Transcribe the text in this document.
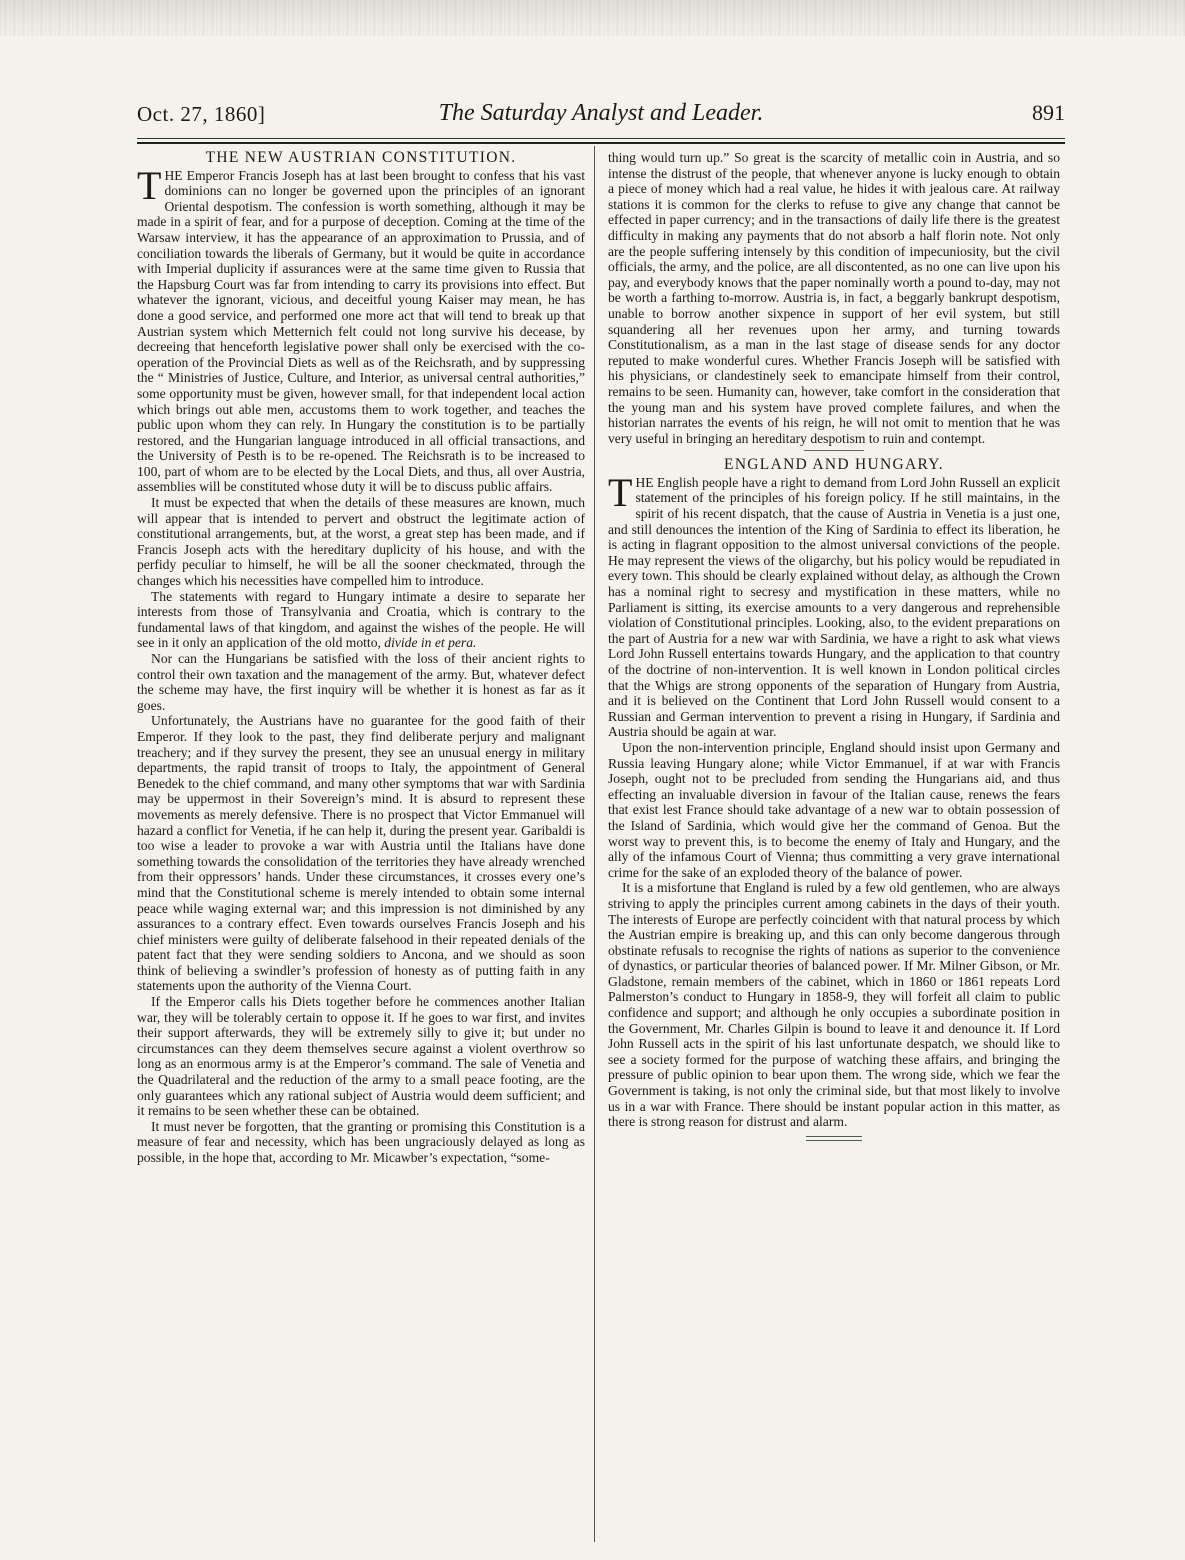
Oct. 27, 1860]	The Saturday Analyst and Leader.	891
THE NEW AUSTRIAN CONSTITUTION.

THE Emperor Francis Joseph has at last been brought to confess that his vast dominions can no longer be governed upon the principles of an ignorant Oriental despotism. The confession is worth something, although it may be made in a spirit of fear, and for a purpose of deception. Coming at the time of the Warsaw interview, it has the appearance of an approximation to Prussia, and of conciliation towards the liberals of Germany, but it would be quite in accordance with Imperial duplicity if assurances were at the same time given to Russia that the Hapsburg Court was far from intending to carry its provisions into effect. But whatever the ignorant, vicious, and deceitful young Kaiser may mean, he has done a good service, and performed one more act that will tend to break up that Austrian system which Metternich felt could not long survive his decease, by decreeing that henceforth legislative power shall only be exercised with the co-operation of the Provincial Diets as well as of the Reichsrath, and by suppressing the “ Ministries of Justice, Culture, and Interior, as universal central authorities,” some opportunity must be given, however small, for that independent local action which brings out able men, accustoms them to work together, and teaches the public upon whom they can rely. In Hungary the constitution is to be partially restored, and the Hungarian language introduced in all official transactions, and the University of Pesth is to be re-opened. The Reichsrath is to be increased to 100, part of whom are to be elected by the Local Diets, and thus, all over Austria, assemblies will be constituted whose duty it will be to discuss public affairs.

It must be expected that when the details of these measures are known, much will appear that is intended to pervert and obstruct the legitimate action of constitutional arrangements, but, at the worst, a great step has been made, and if Francis Joseph acts with the hereditary duplicity of his house, and with the perfidy peculiar to himself, he will be all the sooner checkmated, through the changes which his necessities have compelled him to introduce.

The statements with regard to Hungary intimate a desire to separate her interests from those of Transylvania and Croatia, which is contrary to the fundamental laws of that kingdom, and against the wishes of the people. He will see in it only an application of the old motto, divide in et pera.

Nor can the Hungarians be satisfied with the loss of their ancient rights to control their own taxation and the management of the army. But, whatever defect the scheme may have, the first inquiry will be whether it is honest as far as it goes.

Unfortunately, the Austrians have no guarantee for the good faith of their Emperor. If they look to the past, they find deliberate perjury and malignant treachery; and if they survey the present, they see an unusual energy in military departments, the rapid transit of troops to Italy, the appointment of General Benedek to the chief command, and many other symptoms that war with Sardinia may be uppermost in their Sovereign’s mind. It is absurd to represent these movements as merely defensive. There is no prospect that Victor Emmanuel will hazard a conflict for Venetia, if he can help it, during the present year. Garibaldi is too wise a leader to provoke a war with Austria until the Italians have done something towards the consolidation of the territories they have already wrenched from their oppressors’ hands. Under these circumstances, it crosses every one’s mind that the Constitutional scheme is merely intended to obtain some internal peace while waging external war; and this impression is not diminished by any assurances to a contrary effect. Even towards ourselves Francis Joseph and his chief ministers were guilty of deliberate falsehood in their repeated denials of the patent fact that they were sending soldiers to Ancona, and we should as soon think of believing a swindler’s profession of honesty as of putting faith in any statements upon the authority of the Vienna Court.

If the Emperor calls his Diets together before he commences another Italian war, they will be tolerably certain to oppose it. If he goes to war first, and invites their support afterwards, they will be extremely silly to give it; but under no circumstances can they deem themselves secure against a violent overthrow so long as an enormous army is at the Emperor’s command. The sale of Venetia and the Quadrilateral and the reduction of the army to a small peace footing, are the only guarantees which any rational subject of Austria would deem sufficient; and it remains to be seen whether these can be obtained.

It must never be forgotten, that the granting or promising this Constitution is a measure of fear and necessity, which has been ungraciously delayed as long as possible, in the hope that, according to Mr. Micawber’s expectation, “some-

thing would turn up.” So great is the scarcity of metallic coin in Austria, and so intense the distrust of the people, that whenever anyone is lucky enough to obtain a piece of money which had a real value, he hides it with jealous care. At railway stations it is common for the clerks to refuse to give any change that cannot be effected in paper currency; and in the transactions of daily life there is the greatest difficulty in making any payments that do not absorb a half florin note. Not only are the people suffering intensely by this condition of impecuniosity, but the civil officials, the army, and the police, are all discontented, as no one can live upon his pay, and everybody knows that the paper nominally worth a pound to-day, may not be worth a farthing to-morrow. Austria is, in fact, a beggarly bankrupt despotism, unable to borrow another sixpence in support of her evil system, but still squandering all her revenues upon her army, and turning towards Constitutionalism, as a man in the last stage of disease sends for any doctor reputed to make wonderful cures. Whether Francis Joseph will be satisfied with his physicians, or clandestinely seek to emancipate himself from their control, remains to be seen. Humanity can, however, take comfort in the consideration that the young man and his system have proved complete failures, and when the historian narrates the events of his reign, he will not omit to mention that he was very useful in bringing an hereditary despotism to ruin and contempt.

ENGLAND AND HUNGARY.

THE English people have a right to demand from Lord John Russell an explicit statement of the principles of his foreign policy. If he still maintains, in the spirit of his recent dispatch, that the cause of Austria in Venetia is a just one, and still denounces the intention of the King of Sardinia to effect its liberation, he is acting in flagrant opposition to the almost universal convictions of the people. He may represent the views of the oligarchy, but his policy would be repudiated in every town. This should be clearly explained without delay, as although the Crown has a nominal right to secresy and mystification in these matters, while no Parliament is sitting, its exercise amounts to a very dangerous and reprehensible violation of Constitutional principles. Looking, also, to the evident preparations on the part of Austria for a new war with Sardinia, we have a right to ask what views Lord John Russell entertains towards Hungary, and the application to that country of the doctrine of non-intervention. It is well known in London political circles that the Whigs are strong opponents of the separation of Hungary from Austria, and it is believed on the Continent that Lord John Russell would consent to a Russian and German intervention to prevent a rising in Hungary, if Sardinia and Austria should be again at war.

Upon the non-intervention principle, England should insist upon Germany and Russia leaving Hungary alone; while Victor Emmanuel, if at war with Francis Joseph, ought not to be precluded from sending the Hungarians aid, and thus effecting an invaluable diversion in favour of the Italian cause, renews the fears that exist lest France should take advantage of a new war to obtain possession of the Island of Sardinia, which would give her the command of Genoa. But the worst way to prevent this, is to become the enemy of Italy and Hungary, and the ally of the infamous Court of Vienna; thus committing a very grave international crime for the sake of an exploded theory of the balance of power.

It is a misfortune that England is ruled by a few old gentlemen, who are always striving to apply the principles current among cabinets in the days of their youth. The interests of Europe are perfectly coincident with that natural process by which the Austrian empire is breaking up, and this can only become dangerous through obstinate refusals to recognise the rights of nations as superior to the convenience of dynastics, or particular theories of balanced power. If Mr. Milner Gibson, or Mr. Gladstone, remain members of the cabinet, which in 1860 or 1861 repeats Lord Palmerston’s conduct to Hungary in 1858-9, they will forfeit all claim to public confidence and support; and although he only occupies a subordinate position in the Government, Mr. Charles Gilpin is bound to leave it and denounce it. If Lord John Russell acts in the spirit of his last unfortunate despatch, we should like to see a society formed for the purpose of watching these affairs, and bringing the pressure of public opinion to bear upon them. The wrong side, which we fear the Government is taking, is not only the criminal side, but that most likely to involve us in a war with France. There should be instant popular action in this matter, as there is strong reason for distrust and alarm.
